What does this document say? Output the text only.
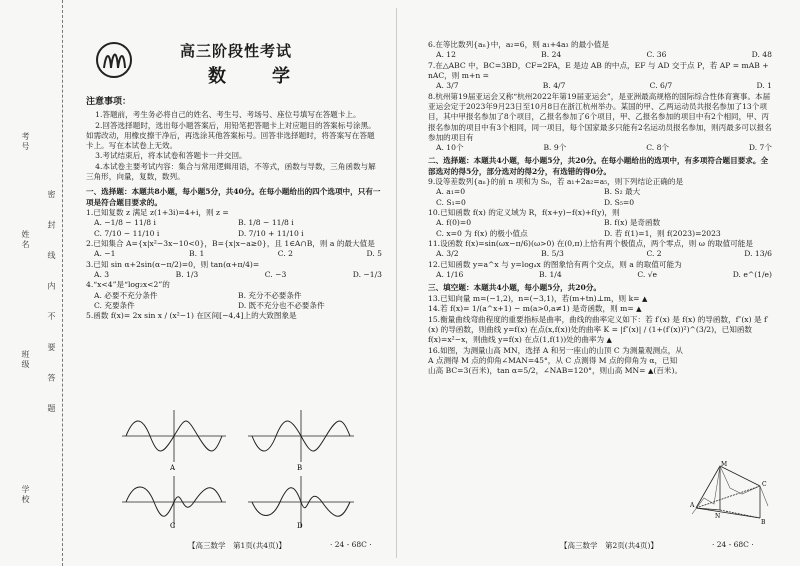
考号
姓名
班级
学校
密 封 线 内 不 要 答 题
高三阶段性考试
数　学

注意事项：

1.答题前，考生务必将自己的姓名、考生号、考场号、座位号填写在答题卡上。

2.回答选择题时，选出每小题答案后，用铅笔把答题卡上对应题目的答案标号涂黑。如需改动，用橡皮擦干净后，再选涂其他答案标号。回答非选择题时，将答案写在答题卡上。写在本试卷上无效。

3.考试结束后，将本试卷和答题卡一并交回。

4.本试卷主要考试内容：集合与常用逻辑用语，不等式，函数与导数，三角函数与解三角形，向量，复数，数列。

一、选择题：本题共8小题，每小题5分，共40分。在每小题给出的四个选项中，只有一项是符合题目要求的。

1.已知复数 z 满足 z(1+3i)=4+i，则 z =

A. −1/8 − 11/8 i	B. 1/8 − 11/8 i
C. 7/10 − 11/10 i	D. 7/10 + 11/10 i

2.已知集合 A={x|x²−3x−10<0}，B={x|x−a≥0}，且 1∈A∩B，则 a 的最大值是

A. −1	B. 1	C. 2	D. 5

3.已知 sin α+2sin(α−π/2)=0，则 tan(α+π/4)=

A. 3	B. 1/3	C. −3	D. −1/3

4.“x<4”是“log₂x<2”的

A. 必要不充分条件	B. 充分不必要条件
C. 充要条件	D. 既不充分也不必要条件

5.函数 f(x)= 2x sin x / (x²−1) 在区间[−4,4]上的大致图象是

A	B
C	D
【高三数学　第1页(共4页)】	· 24 - 68C ·

6.在等比数列{aₙ}中，a₂=6，则 a₁+4a₃ 的最小值是

A. 12	B. 24	C. 36	D. 48

7.在△ABC 中，BC=3BD，CF=2FA，E 是边 AB 的中点，EF 与 AD 交于点 P，若 AP = mAB + nAC，则 m+n =

A. 3/7	B. 4/7	C. 6/7	D. 1

8.杭州第19届亚运会又称“杭州2022年第19届亚运会”，是亚洲最高规格的国际综合性体育赛事。本届亚运会定于2023年9月23日至10月8日在浙江杭州举办。某国的甲、乙两运动员共报名参加了13个项目，其中甲报名参加了8个项目，乙报名参加了6个项目，甲、乙报名参加的项目中有2个相同，甲、丙报名参加的项目中有3个相同，同一项目，每个国家最多只能有2名运动员报名参加，则丙最多可以报名参加的项目有

A. 10个	B. 9个	C. 8个	D. 7个

二、选择题：本题共4小题，每小题5分，共20分。在每小题给出的选项中，有多项符合题目要求。全部选对的得5分，部分选对的得2分，有选错的得0分。

9.设等差数列{aₙ}的前 n 项和为 Sₙ，若 a₁+2a₂=a₅，则下列结论正确的是

A. a₁=0	B. S₂ 最大
C. S₁=0	D. S₅=0

10.已知函数 f(x) 的定义域为 R，f(x+y)−f(x)+f(y)，则

A. f(0)=0	B. f(x) 是奇函数
C. x=0 为 f(x) 的极小值点	D. 若 f(1)=1，则 f(2023)=2023

11.设函数 f(x)=sin(ωx−π/6)(ω>0) 在(0,π)上恰有两个极值点，两个零点，则 ω 的取值可能是

A. 3/2	B. 5/3	C. 2	D. 13/6

12.已知函数 y=a^x 与 y=logₐx 的图象恰有两个交点，则 a 的取值可能为

A. 1/16	B. 1/4	C. √e	D. e^(1/e)

三、填空题：本题共4小题，每小题5分，共20分。

13.已知向量 m=(−1,2)，n=(−3,1)，若(m+tn)⊥m，则 k= ▲

14.若 f(x)= 1/(a^x+1) − m(a>0,a≠1) 是奇函数，则 m= ▲

15.衡量曲线弯曲程度的重要指标是曲率，曲线的曲率定义如下：若 f′(x) 是 f(x) 的导函数，f″(x) 是 f′(x) 的导函数，则曲线 y=f(x) 在点(x,f(x))处的曲率 K = |f″(x)| / (1+(f′(x))²)^(3/2)，已知函数 f(x)=x²−x，则曲线 y=f(x) 在点(1,f(1))处的曲率为 ▲

16.如图，为测量山高 MN，选择 A 和另一座山的山顶 C 为测量观测点，从 A 点测得 M 点的仰角∠MAN=45°，从 C 点测得 M 点的仰角为 α，已知山高 BC=3(百米)，tan α=5/2，∠NAB=120°，则山高 MN= ▲(百米)。

M
C
A
N
B
【高三数学　第2页(共4页)】	· 24 - 68C ·
